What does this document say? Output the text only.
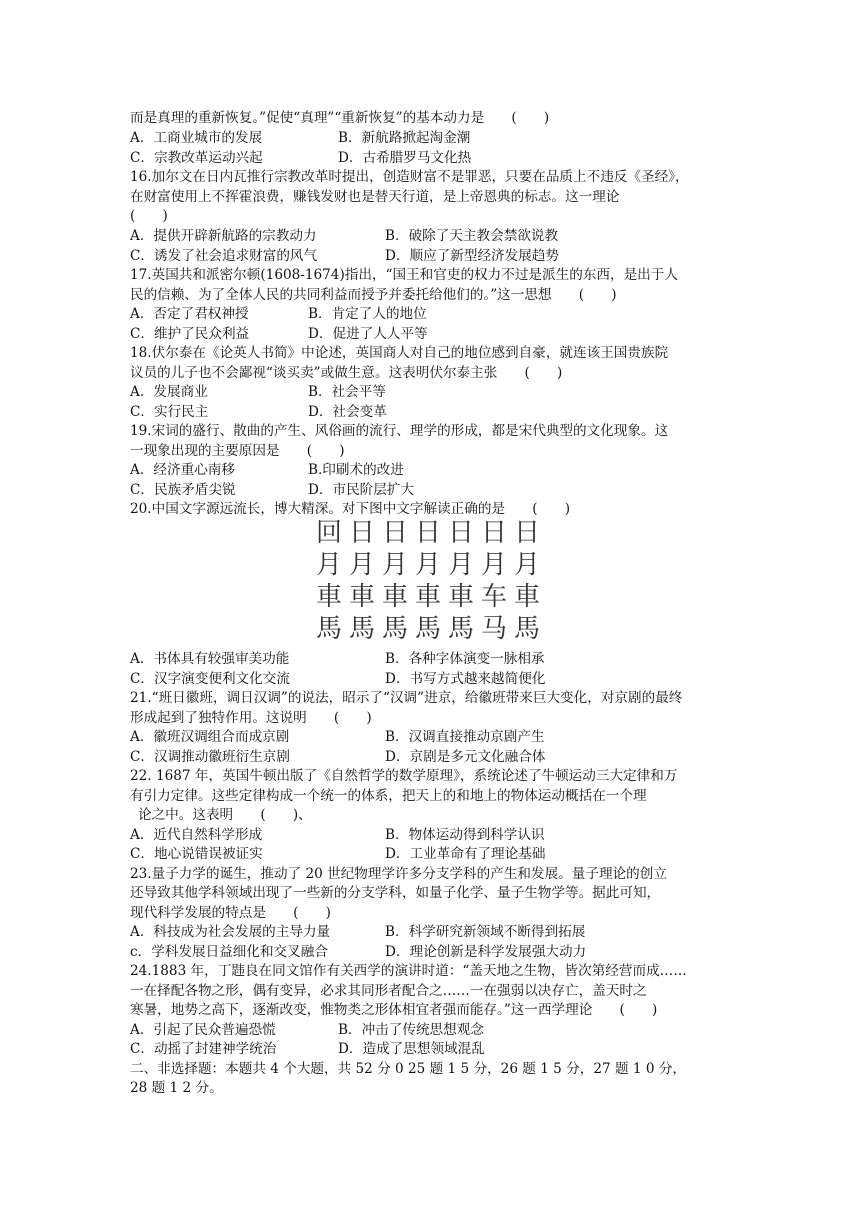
而是真理的重新恢复。”促使“真理”“重新恢复”的基本动力是　　(　　)
A．工商业城市的发展	B．新航路掀起淘金潮
C．宗教改革运动兴起	D．古希腊罗马文化热
16.加尔文在日内瓦推行宗教改革时提出，创造财富不是罪恶，只要在品质上不违反《圣经》，
在财富使用上不挥霍浪费，赚钱发财也是替天行道，是上帝恩典的标志。这一理论
(　　)
A．提供开辟新航路的宗教动力	B．破除了天主教会禁欲说教
C．诱发了社会追求财富的风气	D．顺应了新型经济发展趋势
17.英国共和派密尔顿(1608-1674)指出，“国王和官吏的权力不过是派生的东西，是出于人
民的信赖、为了全体人民的共同利益而授予并委托给他们的。”这一思想　　(　　)
A．否定了君权神授	B．肯定了人的地位
C．维护了民众利益	D．促进了人人平等
18.伏尔泰在《论英人书简》中论述，英国商人对自己的地位感到自豪，就连该王国贵族院
议员的儿子也不会鄙视“谈买卖”或做生意。这表明伏尔泰主张　　(　　)
A．发展商业	B．社会平等
C．实行民主	D．社会变革
19.宋词的盛行、散曲的产生、风俗画的流行、理学的形成，都是宋代典型的文化现象。这
一现象出现的主要原因是　　(　　)
A．经济重心南移	B.印刷术的改进
C．民族矛盾尖锐	D．市民阶层扩大
20.中国文字源远流长，博大精深。对下图中文字解读正确的是　　(　　)
A．书体具有较强审美功能	B．各种字体演变一脉相承
C．汉字演变便利文化交流	D．书写方式越来越简便化
21.“班日徽班，调日汉调”的说法，昭示了“汉调”进京，给徽班带来巨大变化，对京剧的最终
形成起到了独特作用。这说明　　(　　)
A．徽班汉调组合而成京剧	B．汉调直接推动京剧产生
C．汉调推动徽班衍生京剧	D．京剧是多元文化融合体
22. 1687 年，英国牛顿出版了《自然哲学的数学原理》，系统论述了牛顿运动三大定律和万
有引力定律。这些定律构成一个统一的体系，把天上的和地上的物体运动概括在一个理
论之中。这表明　　(　　)、
A．近代自然科学形成	B．物体运动得到科学认识
C．地心说错误被证实	D．工业革命有了理论基础
23.量子力学的诞生，推动了 20 世纪物理学许多分支学科的产生和发展。量子理论的创立
还导致其他学科领域出现了一些新的分支学科，如量子化学、量子生物学等。据此可知，
现代科学发展的特点是　　(　　)
A．科技成为社会发展的主导力量	B．科学研究新领域不断得到拓展
c．学科发展日益细化和交叉融合	D．理论创新是科学发展强大动力
24.1883 年，丁韪良在同文馆作有关西学的演讲时道：“盖天地之生物，皆次第经营而成……
一在择配各物之形，偶有变异，必求其同形者配合之……一在强弱以决存亡，盖天时之
寒暑，地势之高下，逐渐改变，惟物类之形体相宜者强而能存。”这一西学理论　　(　　)
A．引起了民众普遍恐慌	B．冲击了传统思想观念
C．动摇了封建神学统治	D．造成了思想领域混乱
二、非选择题：本题共 4 个大题，共 52 分 0 25 题 1 5 分，26 题 1 5 分，27 题 1 0 分，
28 题 1 2 分。
回 日 日 日 日 日 日
月 月 月 月 月 月 月
車 車 車 車 車 车 車
馬 馬 馬 馬 馬 马 馬
